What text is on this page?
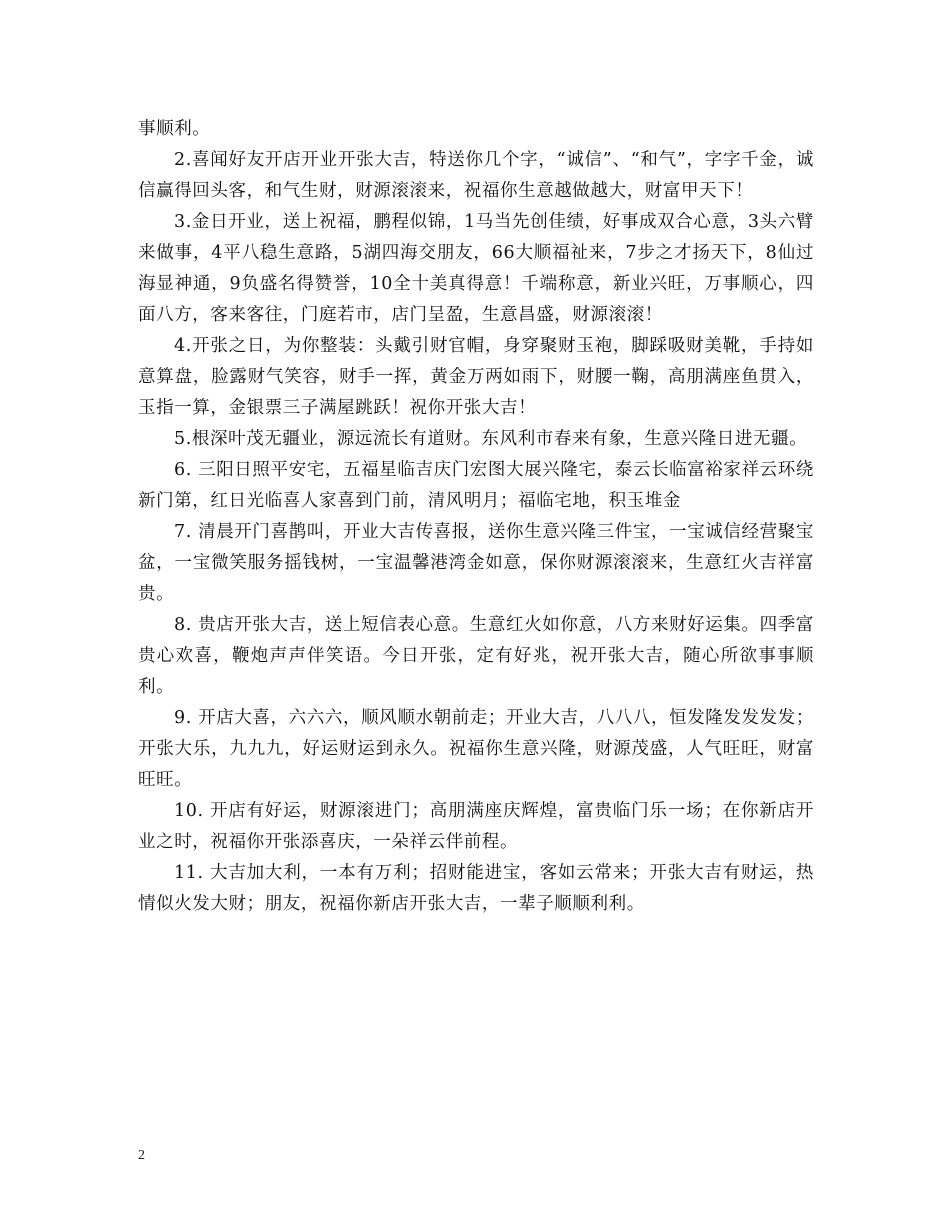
事顺利。

2.喜闻好友开店开业开张大吉，特送你几个字，“诚信”、“和气”，字字千金，诚信赢得回头客，和气生财，财源滚滚来，祝福你生意越做越大，财富甲天下！

3.金日开业，送上祝福，鹏程似锦，1马当先创佳绩，好事成双合心意，3头六臂来做事，4平八稳生意路，5湖四海交朋友，66大顺福祉来，7步之才扬天下，8仙过海显神通，9负盛名得赞誉，10全十美真得意！千端称意，新业兴旺，万事顺心，四面八方，客来客往，门庭若市，店门呈盈，生意昌盛，财源滚滚！

4.开张之日，为你整装：头戴引财官帽，身穿聚财玉袍，脚踩吸财美靴，手持如意算盘，脸露财气笑容，财手一挥，黄金万两如雨下，财腰一鞠，高朋满座鱼贯入，玉指一算，金银票三子满屋跳跃！祝你开张大吉！

5.根深叶茂无疆业，源远流长有道财。东风利市春来有象，生意兴隆日进无疆。

6. 三阳日照平安宅，五福星临吉庆门宏图大展兴隆宅，泰云长临富裕家祥云环绕新门第，红日光临喜人家喜到门前，清风明月；福临宅地，积玉堆金

7. 清晨开门喜鹊叫，开业大吉传喜报，送你生意兴隆三件宝，一宝诚信经营聚宝盆，一宝微笑服务摇钱树，一宝温馨港湾金如意，保你财源滚滚来，生意红火吉祥富贵。

8. 贵店开张大吉，送上短信表心意。生意红火如你意，八方来财好运集。四季富贵心欢喜，鞭炮声声伴笑语。今日开张，定有好兆，祝开张大吉，随心所欲事事顺利。

9. 开店大喜，六六六，顺风顺水朝前走；开业大吉，八八八，恒发隆发发发发；开张大乐，九九九，好运财运到永久。祝福你生意兴隆，财源茂盛，人气旺旺，财富旺旺。

10. 开店有好运，财源滚进门；高朋满座庆辉煌，富贵临门乐一场；在你新店开业之时，祝福你开张添喜庆，一朵祥云伴前程。

11. 大吉加大利，一本有万利；招财能进宝，客如云常来；开张大吉有财运，热情似火发大财；朋友，祝福你新店开张大吉，一辈子顺顺利利。

2
